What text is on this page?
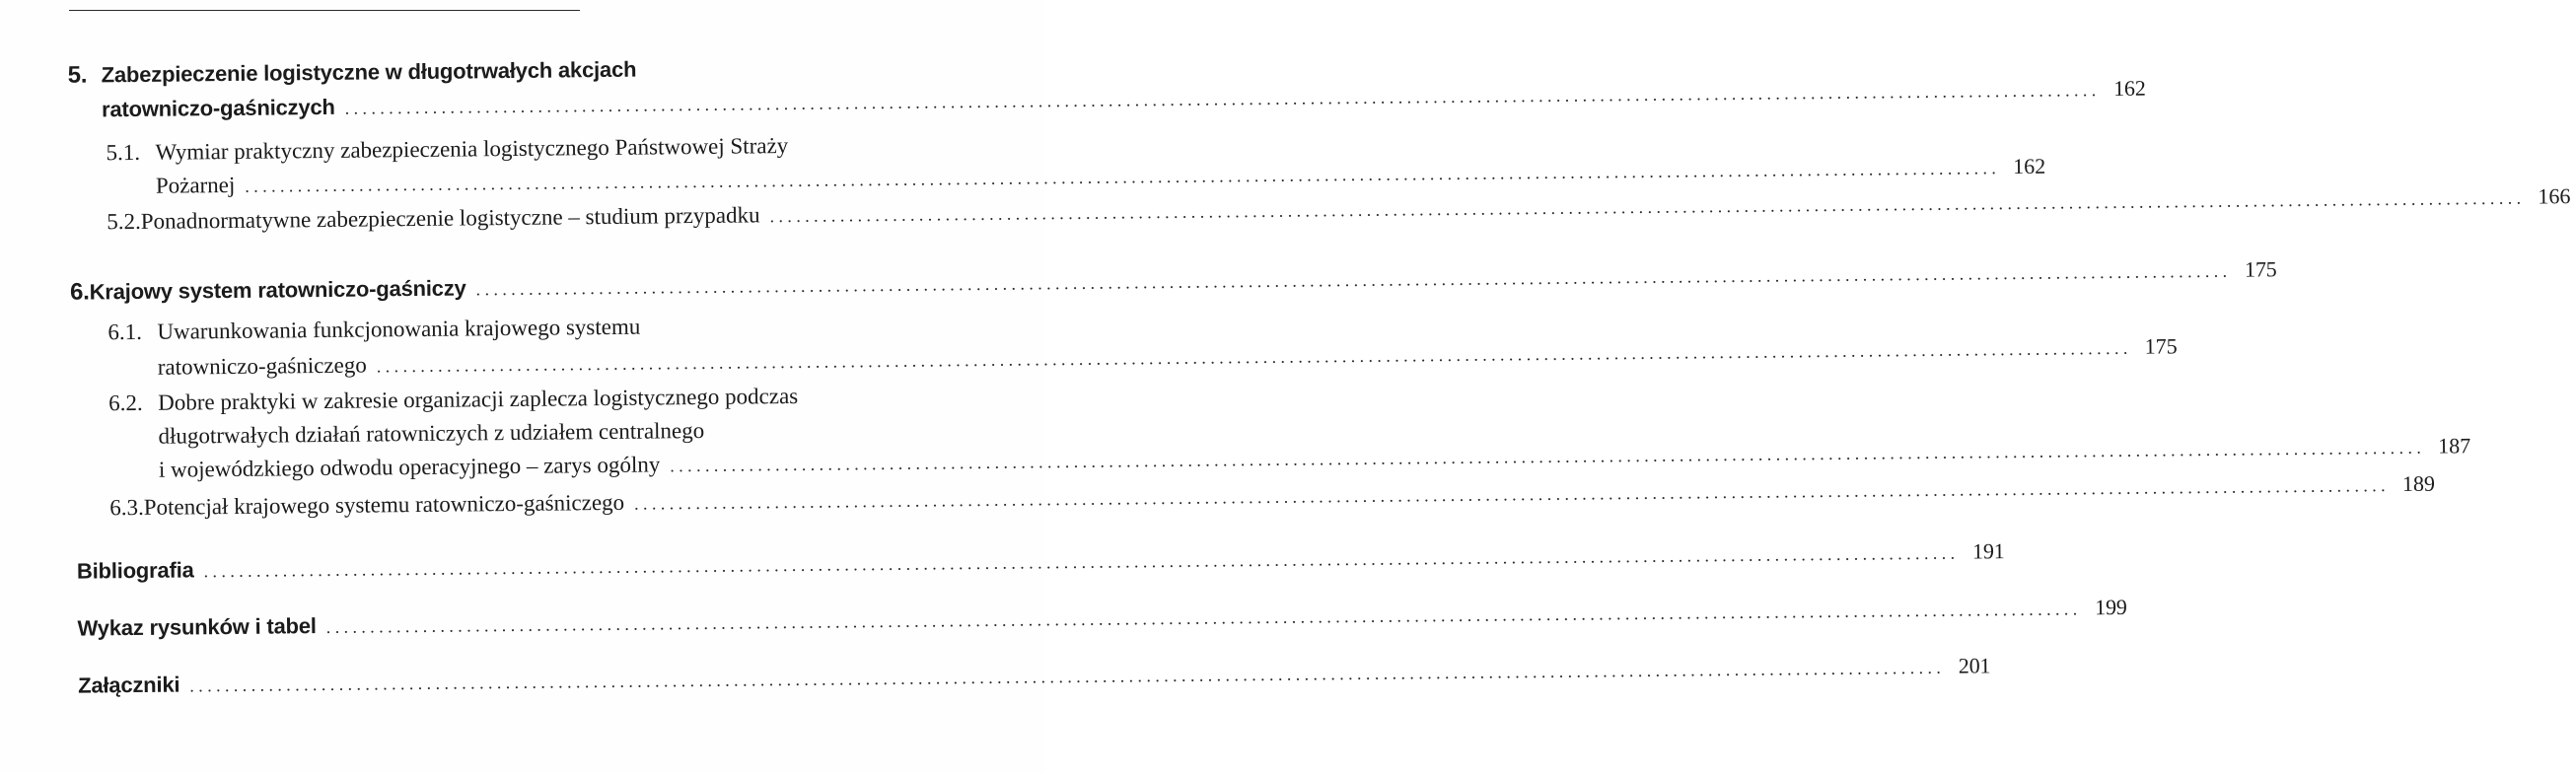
5. Zabezpieczenie logistyczne w długotrwałych akcjach
ratowniczo-gaśniczych ........................................................................................................................................................................................................ 162
5.1. Wymiar praktyczny zabezpieczenia logistycznego Państwowej Straży
Pożarnej ........................................................................................................................................................................................................ 162
5.2. Ponadnormatywne zabezpieczenie logistyczne – studium przypadku ........................................................................................................................................................................................................ 166
6. Krajowy system ratowniczo-gaśniczy ........................................................................................................................................................................................................ 175
6.1. Uwarunkowania funkcjonowania krajowego systemu
ratowniczo-gaśniczego ........................................................................................................................................................................................................ 175
6.2. Dobre praktyki w zakresie organizacji zaplecza logistycznego podczas
długotrwałych działań ratowniczych z udziałem centralnego
i wojewódzkiego odwodu operacyjnego – zarys ogólny ........................................................................................................................................................................................................ 187
6.3. Potencjał krajowego systemu ratowniczo-gaśniczego ........................................................................................................................................................................................................ 189
Bibliografia ........................................................................................................................................................................................................ 191
Wykaz rysunków i tabel ........................................................................................................................................................................................................ 199
Załączniki ........................................................................................................................................................................................................ 201
